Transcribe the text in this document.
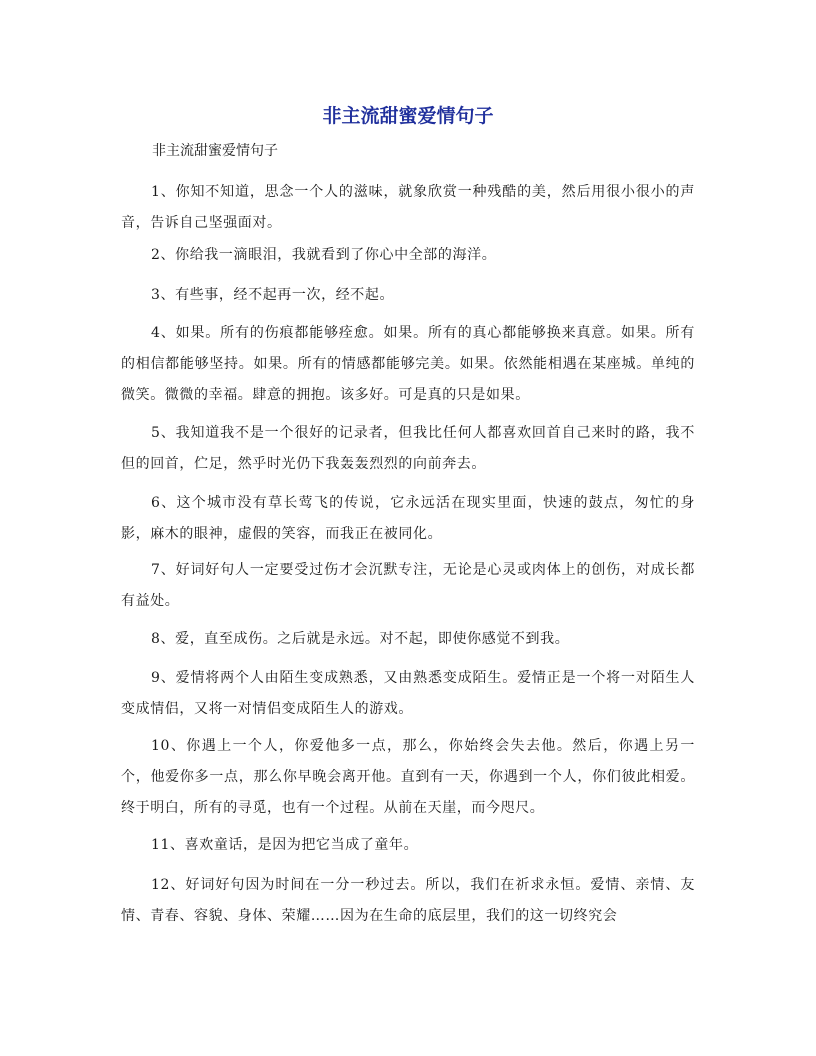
非主流甜蜜爱情句子

非主流甜蜜爱情句子

1、你知不知道，思念一个人的滋味，就象欣赏一种残酷的美，然后用很小很小的声音，告诉自己坚强面对。

2、你给我一滴眼泪，我就看到了你心中全部的海洋。

3、有些事，经不起再一次，经不起。

4、如果。所有的伤痕都能够痊愈。如果。所有的真心都能够换来真意。如果。所有的相信都能够坚持。如果。所有的情感都能够完美。如果。依然能相遇在某座城。单纯的微笑。微微的幸福。肆意的拥抱。该多好。可是真的只是如果。

5、我知道我不是一个很好的记录者，但我比任何人都喜欢回首自己来时的路，我不但的回首，伫足，然乎时光仍下我轰轰烈烈的向前奔去。

6、这个城市没有草长莺飞的传说，它永远活在现实里面，快速的鼓点，匆忙的身影，麻木的眼神，虚假的笑容，而我正在被同化。

7、好词好句人一定要受过伤才会沉默专注，无论是心灵或肉体上的创伤，对成长都有益处。

8、爱，直至成伤。之后就是永远。对不起，即使你感觉不到我。

9、爱情将两个人由陌生变成熟悉，又由熟悉变成陌生。爱情正是一个将一对陌生人变成情侣，又将一对情侣变成陌生人的游戏。

10、你遇上一个人，你爱他多一点，那么，你始终会失去他。然后，你遇上另一个，他爱你多一点，那么你早晚会离开他。直到有一天，你遇到一个人，你们彼此相爱。终于明白，所有的寻觅，也有一个过程。从前在天崖，而今咫尺。

11、喜欢童话，是因为把它当成了童年。

12、好词好句因为时间在一分一秒过去。所以，我们在祈求永恒。爱情、亲情、友情、青春、容貌、身体、荣耀……因为在生命的底层里，我们的这一切终究会
